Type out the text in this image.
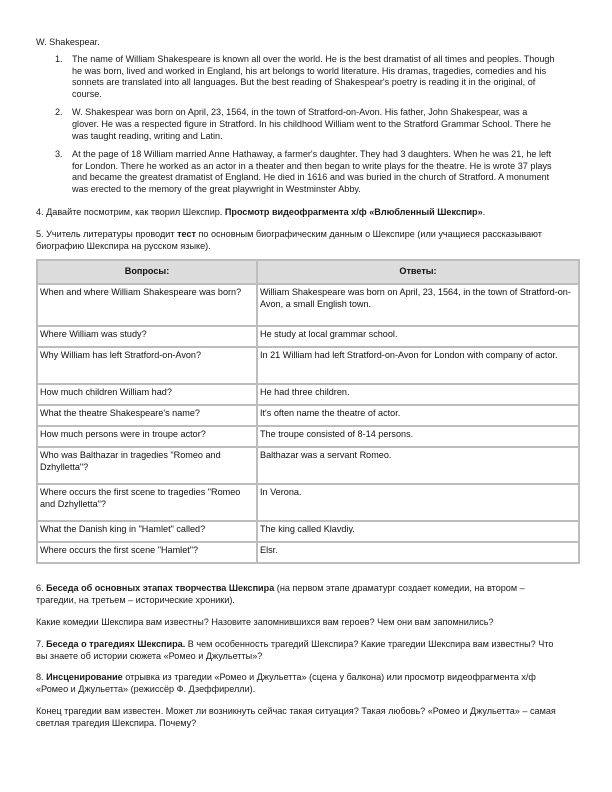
W. Shakespear.
1. The name of William Shakespeare is known all over the world. He is the best dramatist of all times and peoples. Though he was born, lived and worked in England, his art belongs to world literature. His dramas, tragedies, comedies and his sonnets are translated into all languages. But the best reading of Shakespear's poetry is reading it in the original, of course.
2. W. Shakespear was born on April, 23, 1564, in the town of Stratford-on-Avon. His father, John Shakespear, was a glover. He was a respected figure in Stratford. In his childhood William went to the Stratford Grammar School. There he was taught reading, writing and Latin.
3. At the page of 18 William married Anne Hathaway, a farmer's daughter. They had 3 daughters. When he was 21, he left for London. There he worked as an actor in a theater and then began to write plays for the theatre. He is wrote 37 plays and became the greatest dramatist of England. He died in 1616 and was buried in the church of Stratford. A monument was erected to the memory of the great playwright in Westminster Abby.

4. Давайте посмотрим, как творил Шекспир. Просмотр видеофрагмента х/ф «Влюбленный Шекспир».

5. Учитель литературы проводит тест по основным биографическим данным о Шекспире (или учащиеся рассказывают биографию Шекспира на русском языке).

Вопросы:	Ответы:
When and where William Shakespeare was born?	William Shakespeare was born on April, 23, 1564, in the town of Stratford-on-Avon, a small English town.
Where William was study?	He study at local grammar school.
Why William has left Stratford-on-Avon?	In 21 William had left Stratford-on-Avon for London with company of actor.
How much children William had?	He had three children.
What the theatre Shakespeare's name?	It's often name the theatre of actor.
How much persons were in troupe actor?	The troupe consisted of 8-14 persons.
Who was Balthazar in tragedies "Romeo and Dzhylletta"?	Balthazar was a servant Romeo.
Where occurs the first scene to tragedies "Romeo and Dzhylletta"?	In Verona.
What the Danish king in "Hamlet" called?	The king called Klavdiy.
Where occurs the first scene "Hamlet"?	Elsr.

6. Беседа об основных этапах творчества Шекспира (на первом этапе драматург создает комедии, на втором – трагедии, на третьем – исторические хроники).

Какие комедии Шекспира вам известны? Назовите запомнившихся вам героев? Чем они вам запомнились?

7. Беседа о трагедиях Шекспира. В чем особенность трагедий Шекспира? Какие трагедии Шекспира вам известны? Что вы знаете об истории сюжета «Ромео и Джульетты»?

8. Инсценирование отрывка из трагедии «Ромео и Джульетта» (сцена у балкона) или просмотр видеофрагмента х/ф «Ромео и Джульетта» (режиссёр Ф. Дзеффирелли).

Конец трагедии вам известен. Может ли возникнуть сейчас такая ситуация? Такая любовь? «Ромео и Джульетта» – самая светлая трагедия Шекспира. Почему?
